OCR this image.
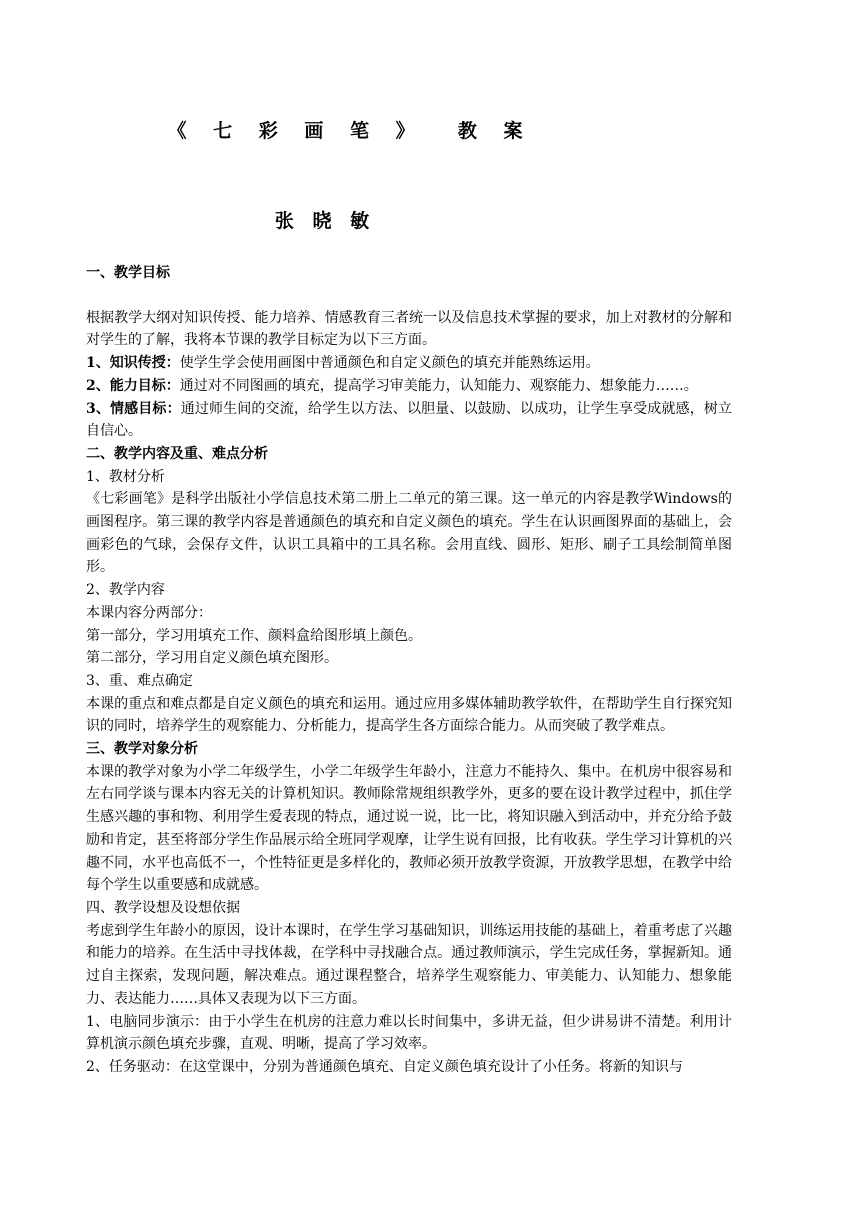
《 七 彩 画 笔 》  教 案
张 晓 敏

一、教学目标

根据教学大纲对知识传授、能力培养、情感教育三者统一以及信息技术掌握的要求，加上对教材的分解和对学生的了解，我将本节课的教学目标定为以下三方面。

1、知识传授：使学生学会使用画图中普通颜色和自定义颜色的填充并能熟练运用。

2、能力目标：通过对不同图画的填充，提高学习审美能力，认知能力、观察能力、想象能力……。

3、情感目标：通过师生间的交流，给学生以方法、以胆量、以鼓励、以成功，让学生享受成就感，树立自信心。

二、教学内容及重、难点分析

1、教材分析

《七彩画笔》是科学出版社小学信息技术第二册上二单元的第三课。这一单元的内容是教学Windows的画图程序。第三课的教学内容是普通颜色的填充和自定义颜色的填充。学生在认识画图界面的基础上，会画彩色的气球，会保存文件，认识工具箱中的工具名称。会用直线、圆形、矩形、刷子工具绘制简单图形。

2、教学内容

本课内容分两部分：

第一部分，学习用填充工作、颜料盒给图形填上颜色。

第二部分，学习用自定义颜色填充图形。

3、重、难点确定

本课的重点和难点都是自定义颜色的填充和运用。通过应用多媒体辅助教学软件，在帮助学生自行探究知识的同时，培养学生的观察能力、分析能力，提高学生各方面综合能力。从而突破了教学难点。

三、教学对象分析

本课的教学对象为小学二年级学生，小学二年级学生年龄小，注意力不能持久、集中。在机房中很容易和左右同学谈与课本内容无关的计算机知识。教师除常规组织教学外，更多的要在设计教学过程中，抓住学生感兴趣的事和物、利用学生爱表现的特点，通过说一说，比一比，将知识融入到活动中，并充分给予鼓励和肯定，甚至将部分学生作品展示给全班同学观摩，让学生说有回报，比有收获。学生学习计算机的兴趣不同，水平也高低不一，个性特征更是多样化的，教师必须开放教学资源，开放教学思想，在教学中给每个学生以重要感和成就感。

四、教学设想及设想依据

考虑到学生年龄小的原因，设计本课时，在学生学习基础知识，训练运用技能的基础上，着重考虑了兴趣和能力的培养。在生活中寻找体裁，在学科中寻找融合点。通过教师演示，学生完成任务，掌握新知。通过自主探索，发现问题，解决难点。通过课程整合，培养学生观察能力、审美能力、认知能力、想象能力、表达能力……具体又表现为以下三方面。

1、电脑同步演示：由于小学生在机房的注意力难以长时间集中，多讲无益，但少讲易讲不清楚。利用计算机演示颜色填充步骤，直观、明晰，提高了学习效率。

2、任务驱动：在这堂课中，分别为普通颜色填充、自定义颜色填充设计了小任务。将新的知识与
